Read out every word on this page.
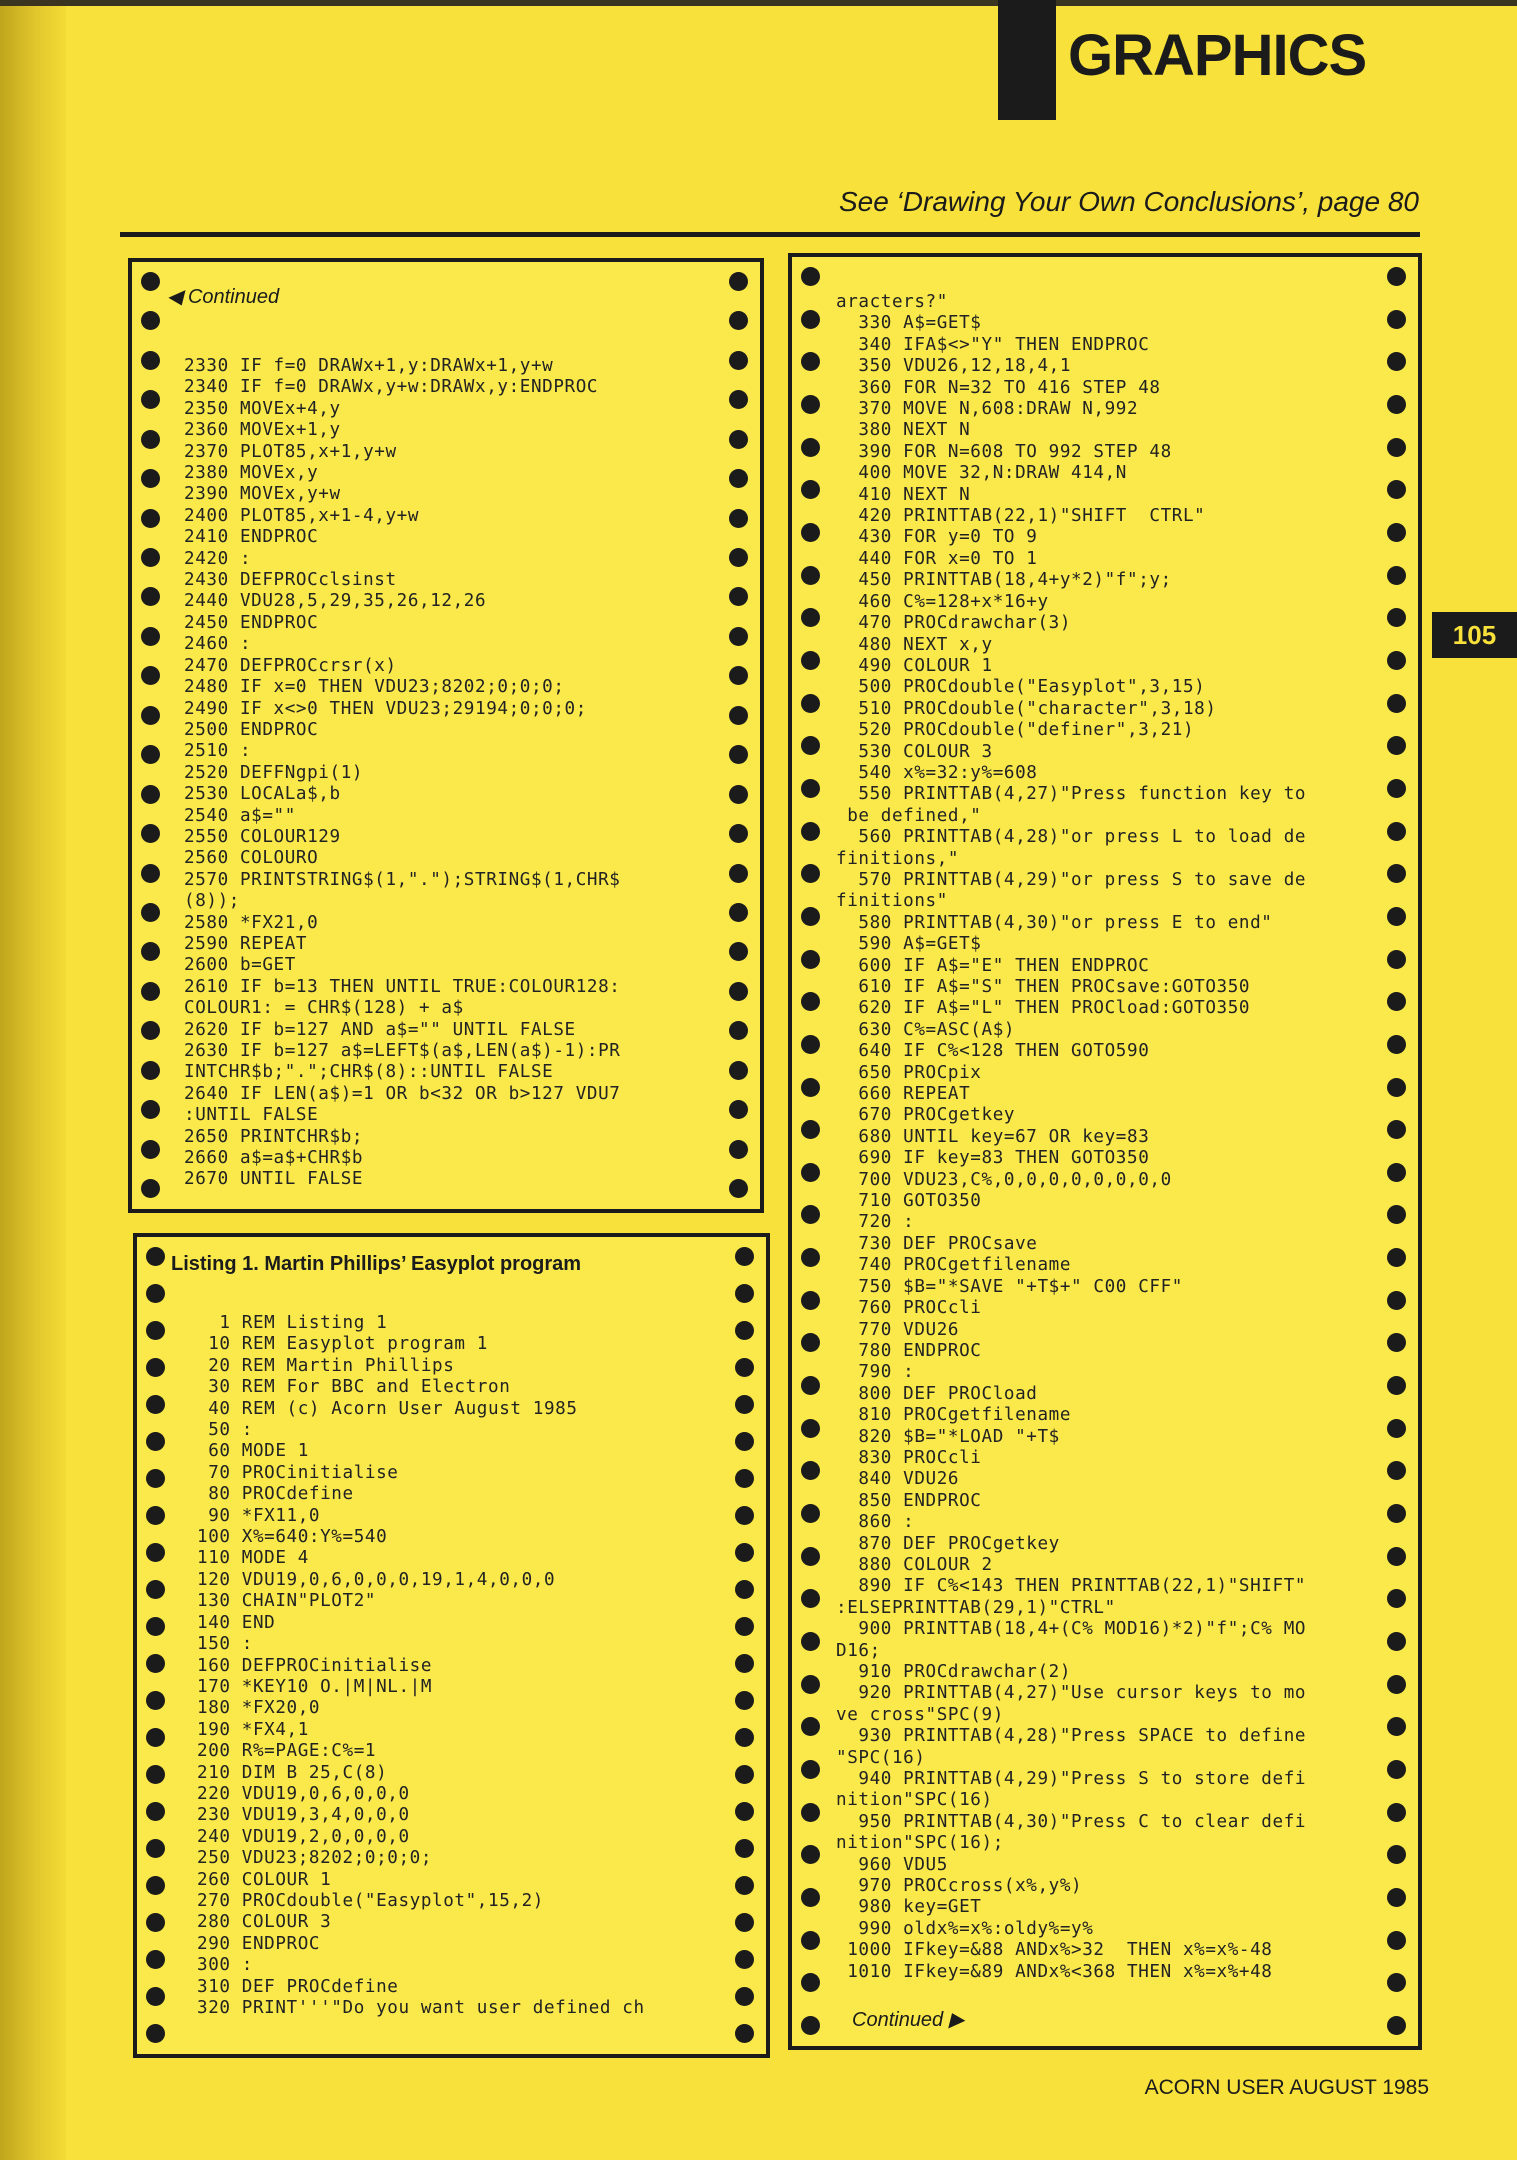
GRAPHICS
See ‘Drawing Your Own Conclusions’, page 80
105
◀ Continued
2330 IF f=0 DRAWx+1,y:DRAWx+1,y+w
2340 IF f=0 DRAWx,y+w:DRAWx,y:ENDPROC
2350 MOVEx+4,y
2360 MOVEx+1,y
2370 PLOT85,x+1,y+w
2380 MOVEx,y
2390 MOVEx,y+w
2400 PLOT85,x+1-4,y+w
2410 ENDPROC
2420 :
2430 DEFPROCclsinst
2440 VDU28,5,29,35,26,12,26
2450 ENDPROC
2460 :
2470 DEFPROCcrsr(x)
2480 IF x=0 THEN VDU23;8202;0;0;0;
2490 IF x<>0 THEN VDU23;29194;0;0;0;
2500 ENDPROC
2510 :
2520 DEFFNgpi(1)
2530 LOCALa$,b
2540 a$=""
2550 COLOUR129
2560 COLOURO
2570 PRINTSTRING$(1,".");STRING$(1,CHR$
(8));
2580 *FX21,0
2590 REPEAT
2600 b=GET
2610 IF b=13 THEN UNTIL TRUE:COLOUR128:
COLOUR1: = CHR$(128) + a$
2620 IF b=127 AND a$="" UNTIL FALSE
2630 IF b=127 a$=LEFT$(a$,LEN(a$)-1):PR
INTCHR$b;".";CHR$(8)::UNTIL FALSE
2640 IF LEN(a$)=1 OR b<32 OR b>127 VDU7
:UNTIL FALSE
2650 PRINTCHR$b;
2660 a$=a$+CHR$b
2670 UNTIL FALSE
Listing 1. Martin Phillips’ Easyplot program
1 REM Listing 1
10 REM Easyplot program 1
20 REM Martin Phillips
30 REM For BBC and Electron
40 REM (c) Acorn User August 1985
50 :
60 MODE 1
70 PROCinitialise
80 PROCdefine
90 *FX11,0
100 X%=640:Y%=540
110 MODE 4
120 VDU19,0,6,0,0,0,19,1,4,0,0,0
130 CHAIN"PLOT2"
140 END
150 :
160 DEFPROCinitialise
170 *KEY10 O.|M|NL.|M
180 *FX20,0
190 *FX4,1
200 R%=PAGE:C%=1
210 DIM B 25,C(8)
220 VDU19,0,6,0,0,0
230 VDU19,3,4,0,0,0
240 VDU19,2,0,0,0,0
250 VDU23;8202;0;0;0;
260 COLOUR 1
270 PROCdouble("Easyplot",15,2)
280 COLOUR 3
290 ENDPROC
300 :
310 DEF PROCdefine
320 PRINT'''"Do you want user defined ch
aracters?"
330 A$=GET$
340 IFA$<>"Y" THEN ENDPROC
350 VDU26,12,18,4,1
360 FOR N=32 TO 416 STEP 48
370 MOVE N,608:DRAW N,992
380 NEXT N
390 FOR N=608 TO 992 STEP 48
400 MOVE 32,N:DRAW 414,N
410 NEXT N
420 PRINTTAB(22,1)"SHIFT  CTRL"
430 FOR y=0 TO 9
440 FOR x=0 TO 1
450 PRINTTAB(18,4+y*2)"f";y;
460 C%=128+x*16+y
470 PROCdrawchar(3)
480 NEXT x,y
490 COLOUR 1
500 PROCdouble("Easyplot",3,15)
510 PROCdouble("character",3,18)
520 PROCdouble("definer",3,21)
530 COLOUR 3
540 x%=32:y%=608
550 PRINTTAB(4,27)"Press function key to
be defined,"
560 PRINTTAB(4,28)"or press L to load de
finitions,"
570 PRINTTAB(4,29)"or press S to save de
finitions"
580 PRINTTAB(4,30)"or press E to end"
590 A$=GET$
600 IF A$="E" THEN ENDPROC
610 IF A$="S" THEN PROCsave:GOTO350
620 IF A$="L" THEN PROCload:GOTO350
630 C%=ASC(A$)
640 IF C%<128 THEN GOTO590
650 PROCpix
660 REPEAT
670 PROCgetkey
680 UNTIL key=67 OR key=83
690 IF key=83 THEN GOTO350
700 VDU23,C%,0,0,0,0,0,0,0,0
710 GOTO350
720 :
730 DEF PROCsave
740 PROCgetfilename
750 $B="*SAVE "+T$+" C00 CFF"
760 PROCcli
770 VDU26
780 ENDPROC
790 :
800 DEF PROCload
810 PROCgetfilename
820 $B="*LOAD "+T$
830 PROCcli
840 VDU26
850 ENDPROC
860 :
870 DEF PROCgetkey
880 COLOUR 2
890 IF C%<143 THEN PRINTTAB(22,1)"SHIFT"
:ELSEPRINTTAB(29,1)"CTRL"
900 PRINTTAB(18,4+(C% MOD16)*2)"f";C% MO
D16;
910 PROCdrawchar(2)
920 PRINTTAB(4,27)"Use cursor keys to mo
ve cross"SPC(9)
930 PRINTTAB(4,28)"Press SPACE to define
"SPC(16)
940 PRINTTAB(4,29)"Press S to store defi
nition"SPC(16)
950 PRINTTAB(4,30)"Press C to clear defi
nition"SPC(16);
960 VDU5
970 PROCcross(x%,y%)
980 key=GET
990 oldx%=x%:oldy%=y%
1000 IFkey=&88 ANDx%>32  THEN x%=x%-48
1010 IFkey=&89 ANDx%<368 THEN x%=x%+48
Continued ▶
ACORN USER AUGUST 1985
